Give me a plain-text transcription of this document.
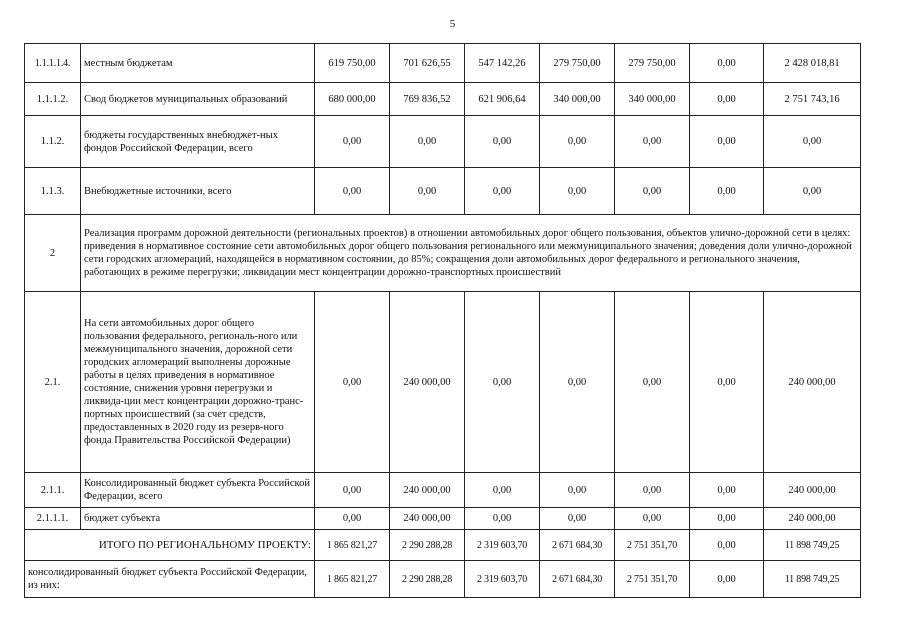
5
1.1.1.1.4.	местным бюджетам	619 750,00	701 626,55	547 142,26	279 750,00	279 750,00	0,00	2 428 018,81
1.1.1.2.	Свод бюджетов муниципальных образований	680 000,00	769 836,52	621 906,64	340 000,00	340 000,00	0,00	2 751 743,16
1.1.2.	бюджеты государственных внебюджет-ных фондов Российской Федерации, всего	0,00	0,00	0,00	0,00	0,00	0,00	0,00
1.1.3.	Внебюджетные источники, всего	0,00	0,00	0,00	0,00	0,00	0,00	0,00
2	Реализация программ дорожной деятельности (региональных проектов) в отношении автомобильных дорог общего пользования, объектов улично-дорожной сети в целях: приведения в нормативное состояние сети автомобильных дорог общего пользования регионального или межмуниципального значения; доведения доли улично-дорожной сети городских агломераций, находящейся в нормативном состоянии, до 85%; сокращения доли автомобильных дорог федерального и регионального значения, работающих в режиме перегрузки; ликвидации мест концентрации дорожно-транспортных происшествий							
2.1.	На сети автомобильных дорог общего пользования федерального, региональ-ного или межмуниципального значения, дорожной сети городских агломераций выполнены дорожные работы в целях приведения в нормативное состояние, снижения уровня перегрузки и ликвида-ции мест концентрации дорожно-транс-портных происшествий (за счет средств, предоставленных в 2020 году из резерв-ного фонда Правительства Российской Федерации)	0,00	240 000,00	0,00	0,00	0,00	0,00	240 000,00
2.1.1.	Консолидированный бюджет субъекта Российской Федерации, всего	0,00	240 000,00	0,00	0,00	0,00	0,00	240 000,00
2.1.1.1.	бюджет субъекта	0,00	240 000,00	0,00	0,00	0,00	0,00	240 000,00
ИТОГО ПО РЕГИОНАЛЬНОМУ ПРОЕКТУ:		1 865 821,27	2 290 288,28	2 319 603,70	2 671 684,30	2 751 351,70	0,00	11 898 749,25
консолидированный бюджет субъекта Российской Федерации, из них:		1 865 821,27	2 290 288,28	2 319 603,70	2 671 684,30	2 751 351,70	0,00	11 898 749,25
